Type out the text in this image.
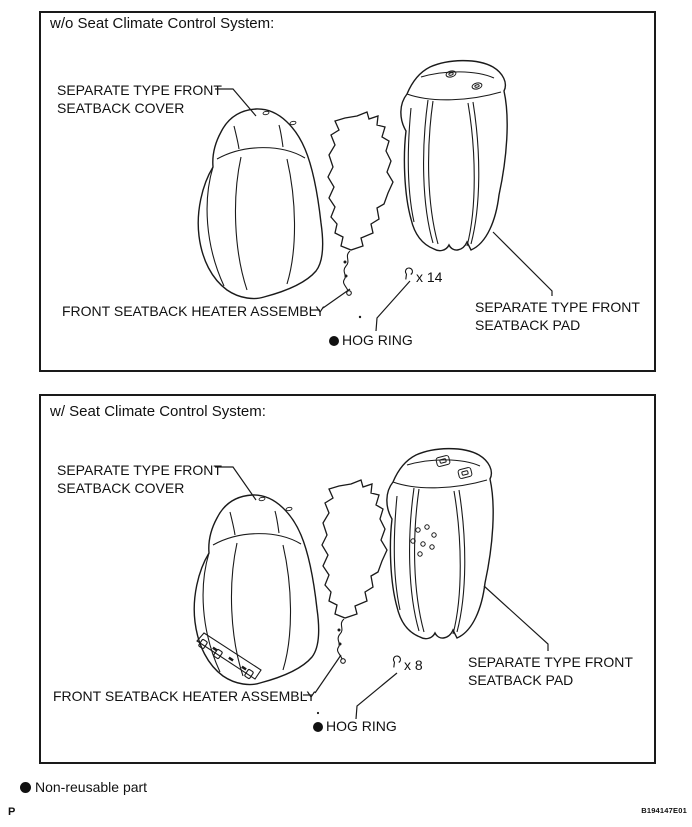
w/o Seat Climate Control System:
SEPARATE TYPE FRONT
SEATBACK COVER
FRONT SEATBACK HEATER ASSEMBLY	SEPARATE TYPE FRONT
SEATBACK PAD
x 14
HOG RING
w/ Seat Climate Control System:
SEPARATE TYPE FRONT
SEATBACK COVER
FRONT SEATBACK HEATER ASSEMBLY
SEPARATE TYPE FRONT
SEATBACK PAD
x 8
HOG RING
Non-reusable part
P	B194147E01
